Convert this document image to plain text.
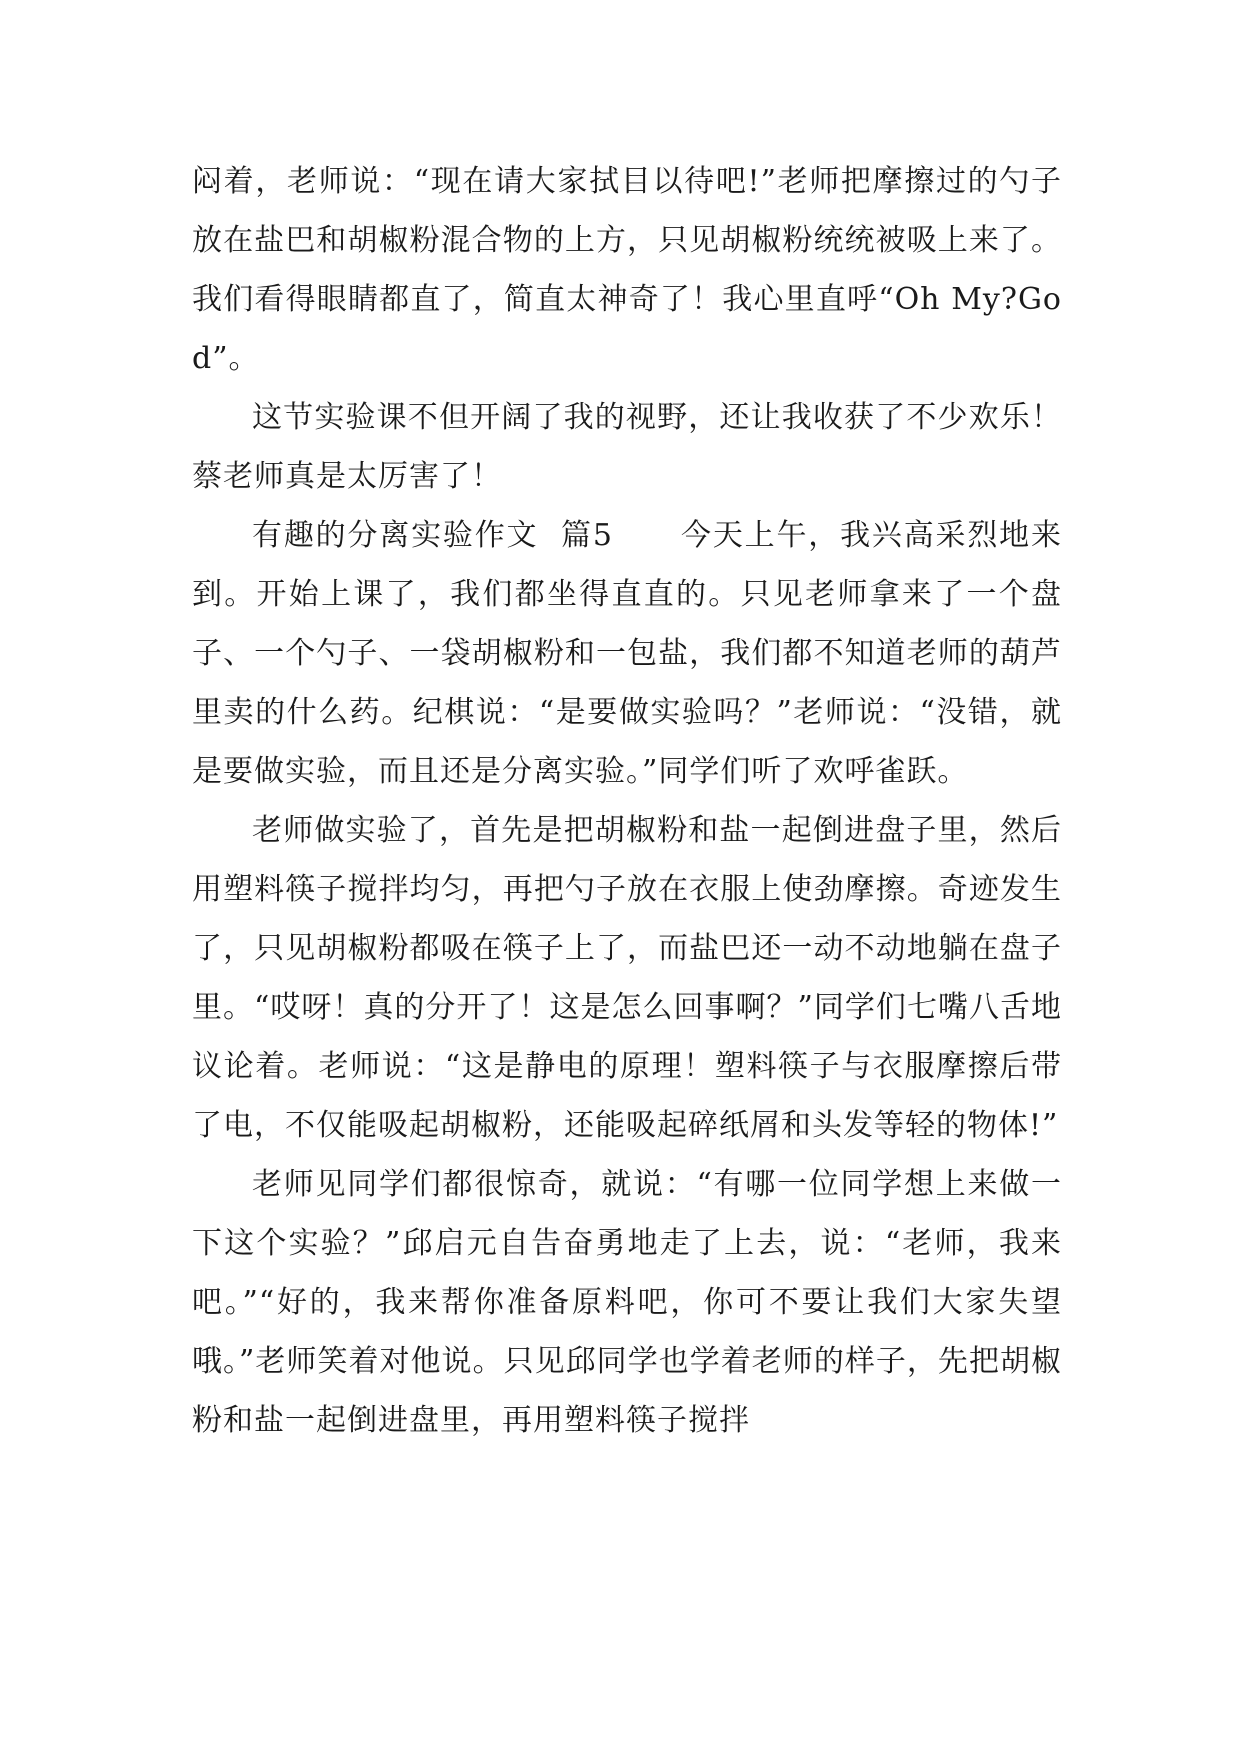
闷着，老师说：“现在请大家拭目以待吧!”老师把摩擦过的勺子放在盐巴和胡椒粉混合物的上方，只见胡椒粉统统被吸上来了。我们看得眼睛都直了，简直太神奇了！我心里直呼“Oh My?God”。

这节实验课不但开阔了我的视野，还让我收获了不少欢乐！蔡老师真是太厉害了！

有趣的分离实验作文  篇5      今天上午，我兴高采烈地来到。开始上课了，我们都坐得直直的。只见老师拿来了一个盘子、一个勺子、一袋胡椒粉和一包盐，我们都不知道老师的葫芦里卖的什么药。纪棋说：“是要做实验吗？”老师说：“没错，就是要做实验，而且还是分离实验。”同学们听了欢呼雀跃。

老师做实验了，首先是把胡椒粉和盐一起倒进盘子里，然后用塑料筷子搅拌均匀，再把勺子放在衣服上使劲摩擦。奇迹发生了，只见胡椒粉都吸在筷子上了，而盐巴还一动不动地躺在盘子里。“哎呀！真的分开了！这是怎么回事啊？”同学们七嘴八舌地议论着。老师说：“这是静电的原理！塑料筷子与衣服摩擦后带了电，不仅能吸起胡椒粉，还能吸起碎纸屑和头发等轻的物体!”

老师见同学们都很惊奇，就说：“有哪一位同学想上来做一下这个实验？”邱启元自告奋勇地走了上去，说：“老师，我来吧。”“好的，我来帮你准备原料吧，你可不要让我们大家失望哦。”老师笑着对他说。只见邱同学也学着老师的样子，先把胡椒粉和盐一起倒进盘里，再用塑料筷子搅拌
